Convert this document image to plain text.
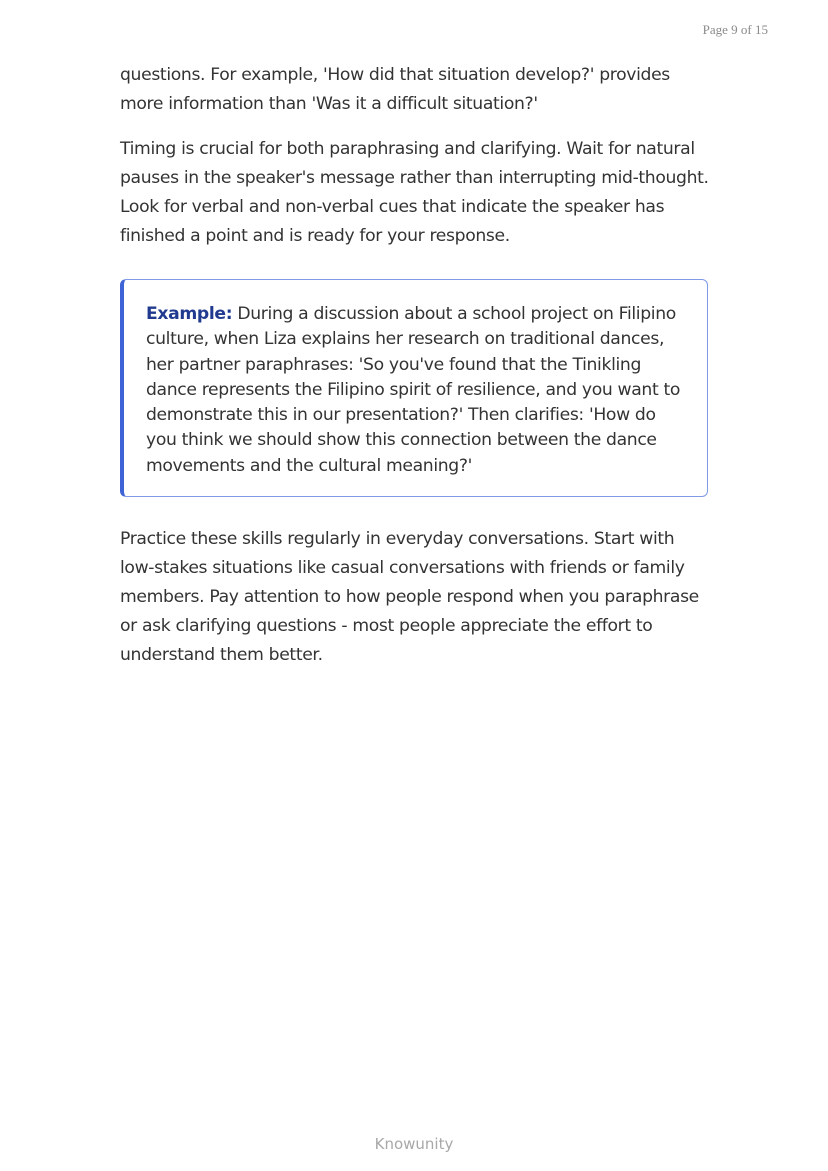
Page 9 of 15

questions. For example, 'How did that situation develop?' provides more information than 'Was it a difficult situation?'

Timing is crucial for both paraphrasing and clarifying. Wait for natural pauses in the speaker's message rather than interrupting mid-thought. Look for verbal and non-verbal cues that indicate the speaker has finished a point and is ready for your response.

Example: During a discussion about a school project on Filipino culture, when Liza explains her research on traditional dances, her partner paraphrases: 'So you've found that the Tinikling dance represents the Filipino spirit of resilience, and you want to demonstrate this in our presentation?' Then clarifies: 'How do you think we should show this connection between the dance movements and the cultural meaning?'

Practice these skills regularly in everyday conversations. Start with low-stakes situations like casual conversations with friends or family members. Pay attention to how people respond when you paraphrase or ask clarifying questions - most people appreciate the effort to understand them better.

Knowunity
